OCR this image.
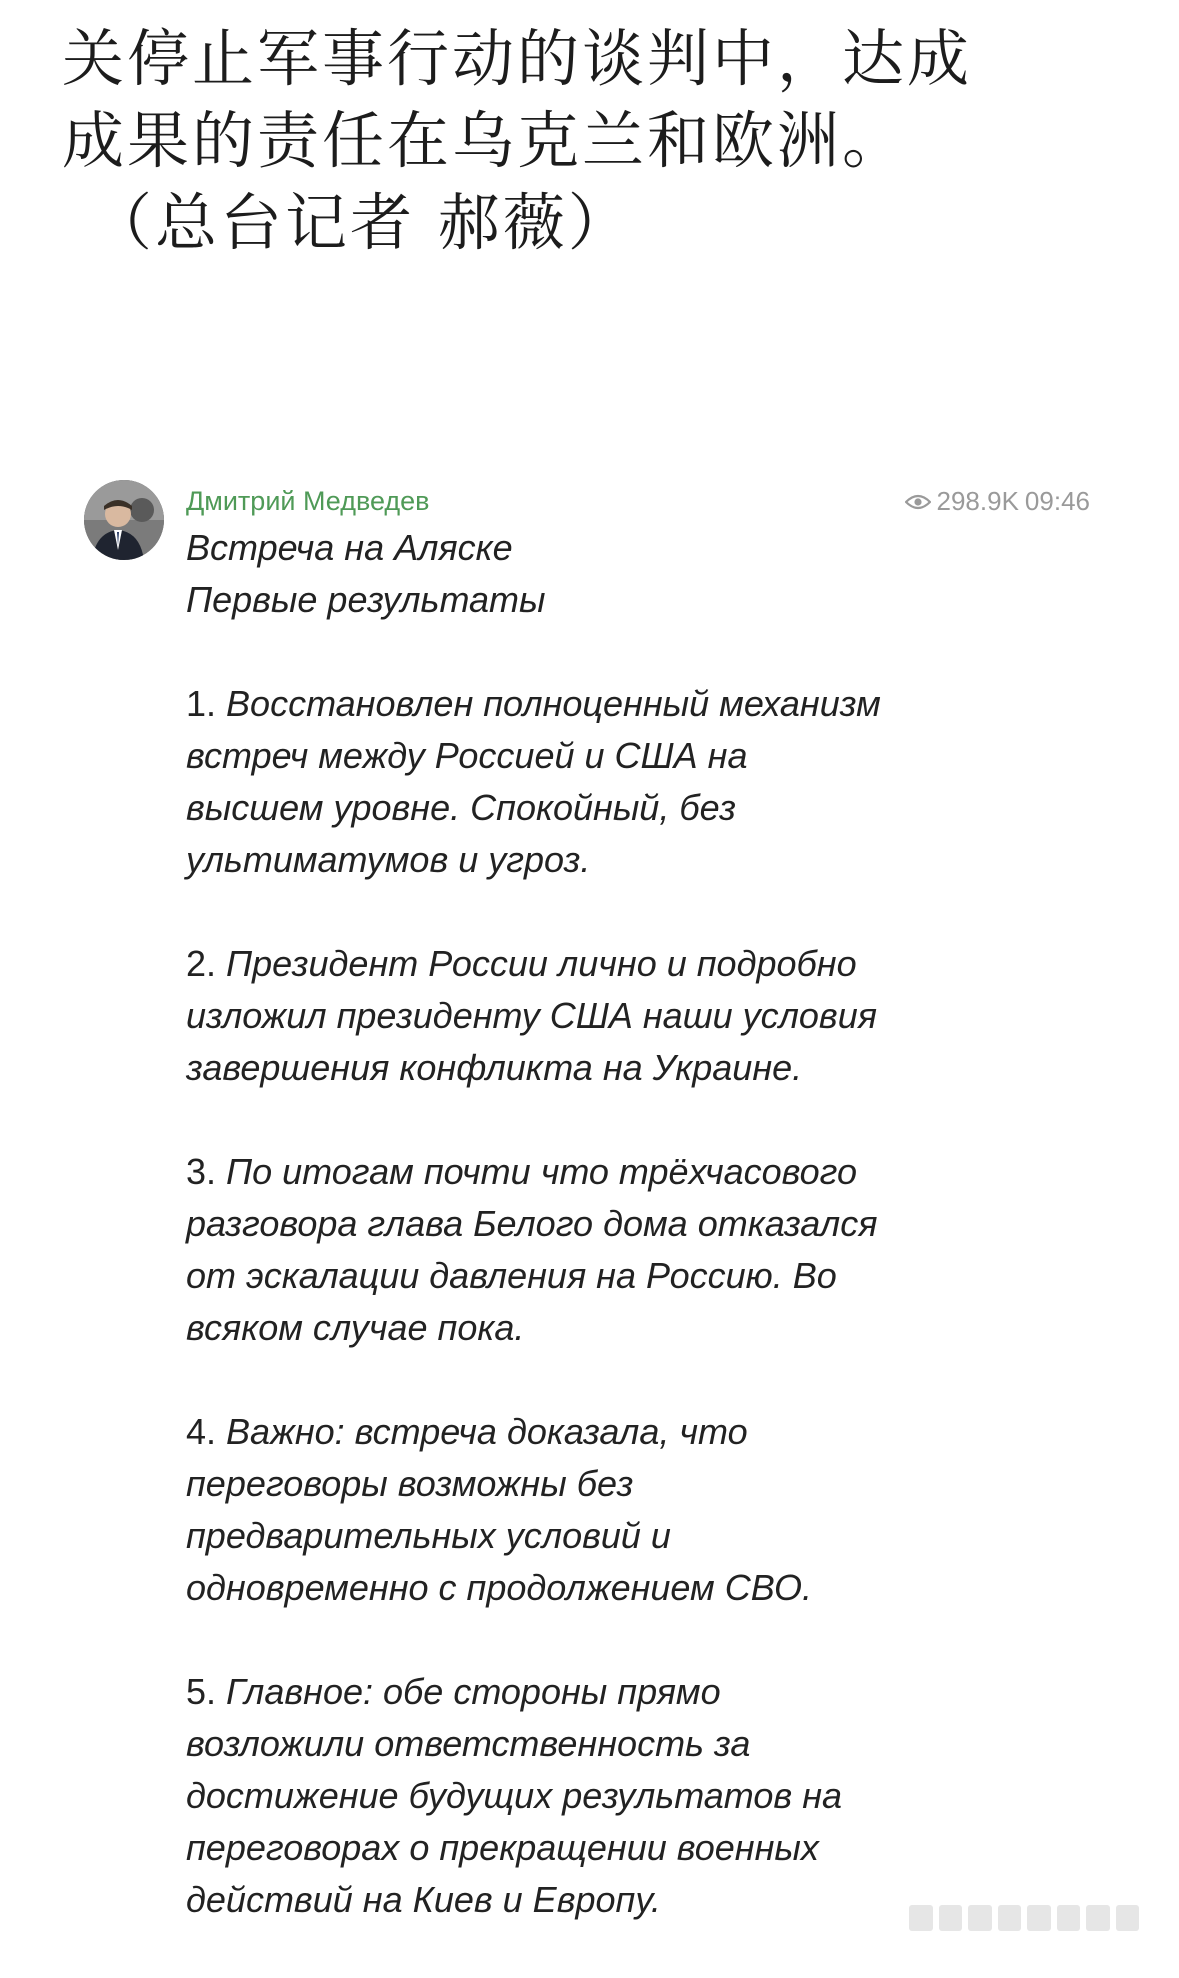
关停止军事行动的谈判中，达成
成果的责任在乌克兰和欧洲。
（总台记者 郝薇）
Дмитрий Медведев	298.9K 09:46
Встреча на Аляске
Первые результаты
1. Восстановлен полноценный механизм
встреч между Россией и США на
высшем уровне. Спокойный, без
ультиматумов и угроз.
2. Президент России лично и подробно
изложил президенту США наши условия
завершения конфликта на Украине.
3. По итогам почти что трёхчасового
разговора глава Белого дома отказался
от эскалации давления на Россию. Во
всяком случае пока.
4. Важно: встреча доказала, что
переговоры возможны без
предварительных условий и
одновременно с продолжением СВО.
5. Главное: обе стороны прямо
возложили ответственность за
достижение будущих результатов на
переговорах о прекращении военных
действий на Киев и Европу.
